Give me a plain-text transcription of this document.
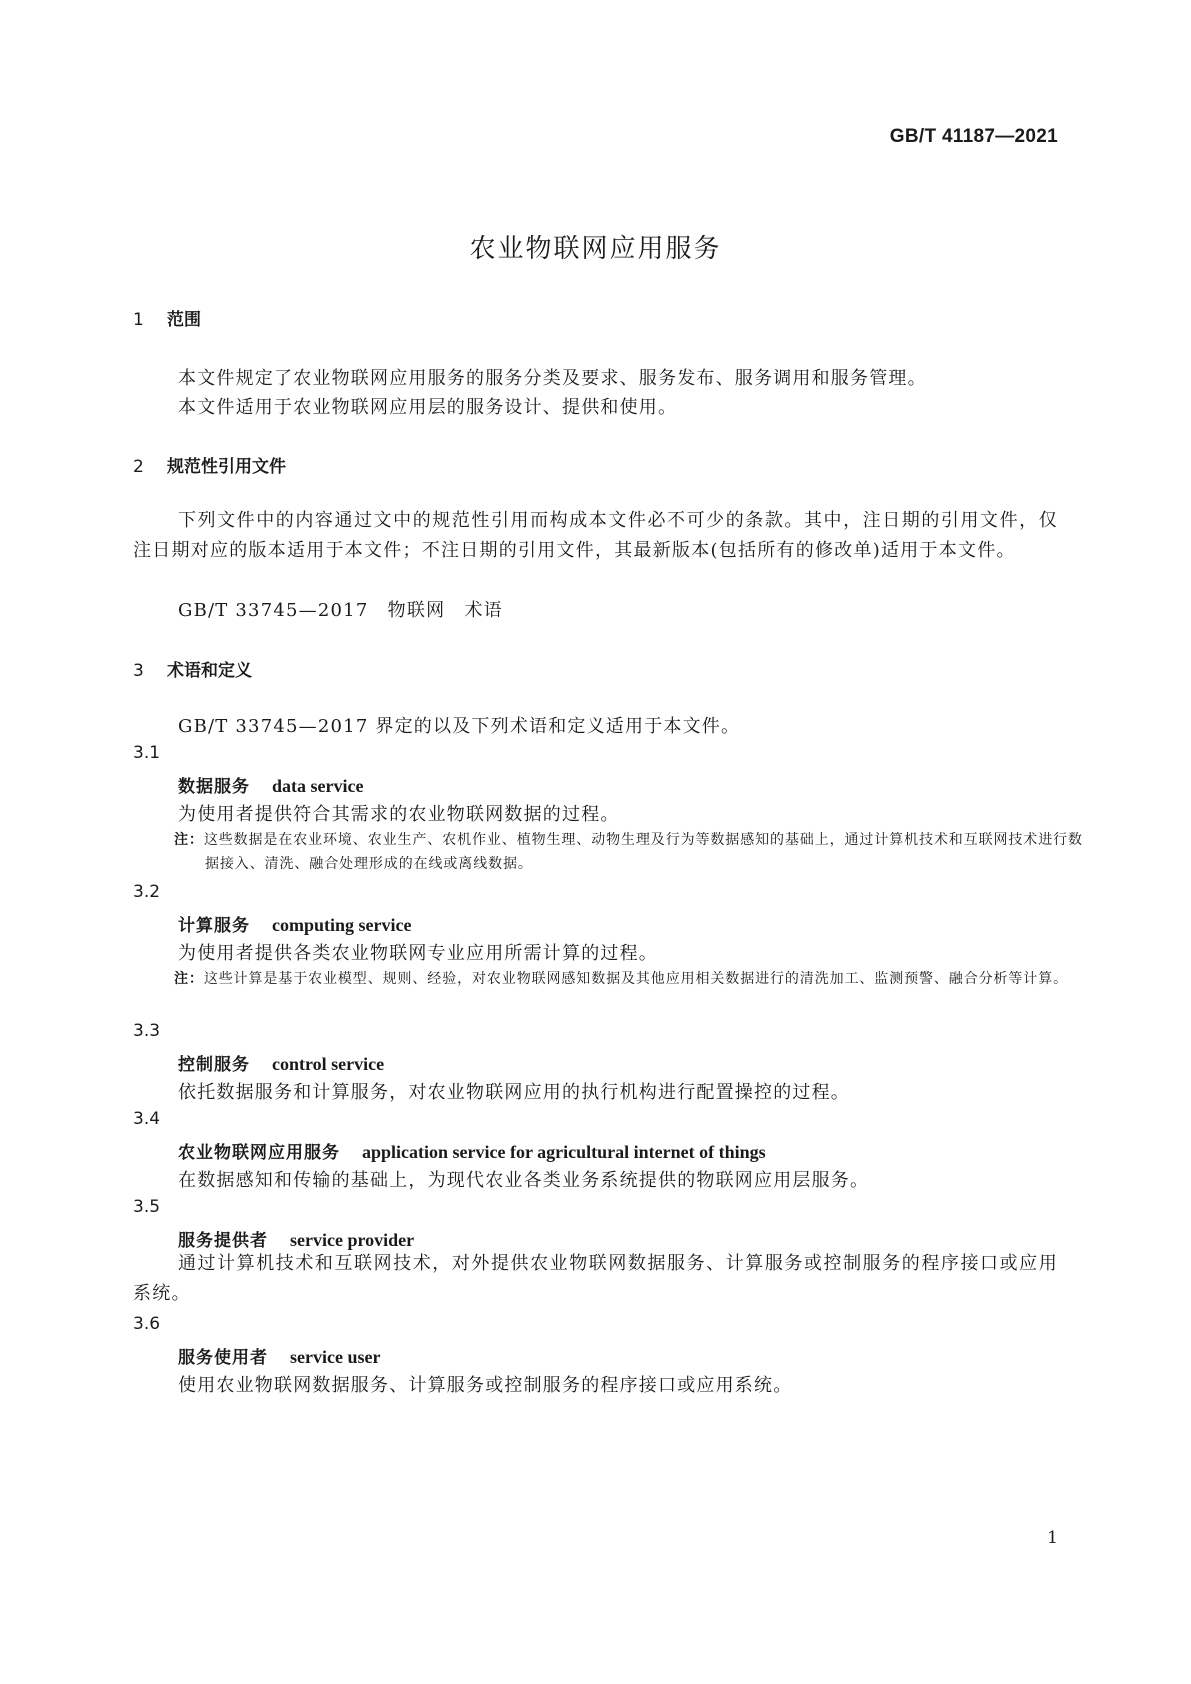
GB/T 41187—2021
农业物联网应用服务
1 范围
本文件规定了农业物联网应用服务的服务分类及要求、服务发布、服务调用和服务管理。
本文件适用于农业物联网应用层的服务设计、提供和使用。
2 规范性引用文件
下列文件中的内容通过文中的规范性引用而构成本文件必不可少的条款。其中，注日期的引用文件，仅注日期对应的版本适用于本文件；不注日期的引用文件，其最新版本(包括所有的修改单)适用于本文件。
GB/T 33745—2017　物联网　术语
3 术语和定义
GB/T 33745—2017 界定的以及下列术语和定义适用于本文件。
3.1
数据服务 data service
为使用者提供符合其需求的农业物联网数据的过程。
注：这些数据是在农业环境、农业生产、农机作业、植物生理、动物生理及行为等数据感知的基础上，通过计算机技术和互联网技术进行数据接入、清洗、融合处理形成的在线或离线数据。
3.2
计算服务 computing service
为使用者提供各类农业物联网专业应用所需计算的过程。
注：这些计算是基于农业模型、规则、经验，对农业物联网感知数据及其他应用相关数据进行的清洗加工、监测预警、融合分析等计算。
3.3
控制服务 control service
依托数据服务和计算服务，对农业物联网应用的执行机构进行配置操控的过程。
3.4
农业物联网应用服务 application service for agricultural internet of things
在数据感知和传输的基础上，为现代农业各类业务系统提供的物联网应用层服务。
3.5
服务提供者 service provider
通过计算机技术和互联网技术，对外提供农业物联网数据服务、计算服务或控制服务的程序接口或应用系统。
3.6
服务使用者 service user
使用农业物联网数据服务、计算服务或控制服务的程序接口或应用系统。
1
